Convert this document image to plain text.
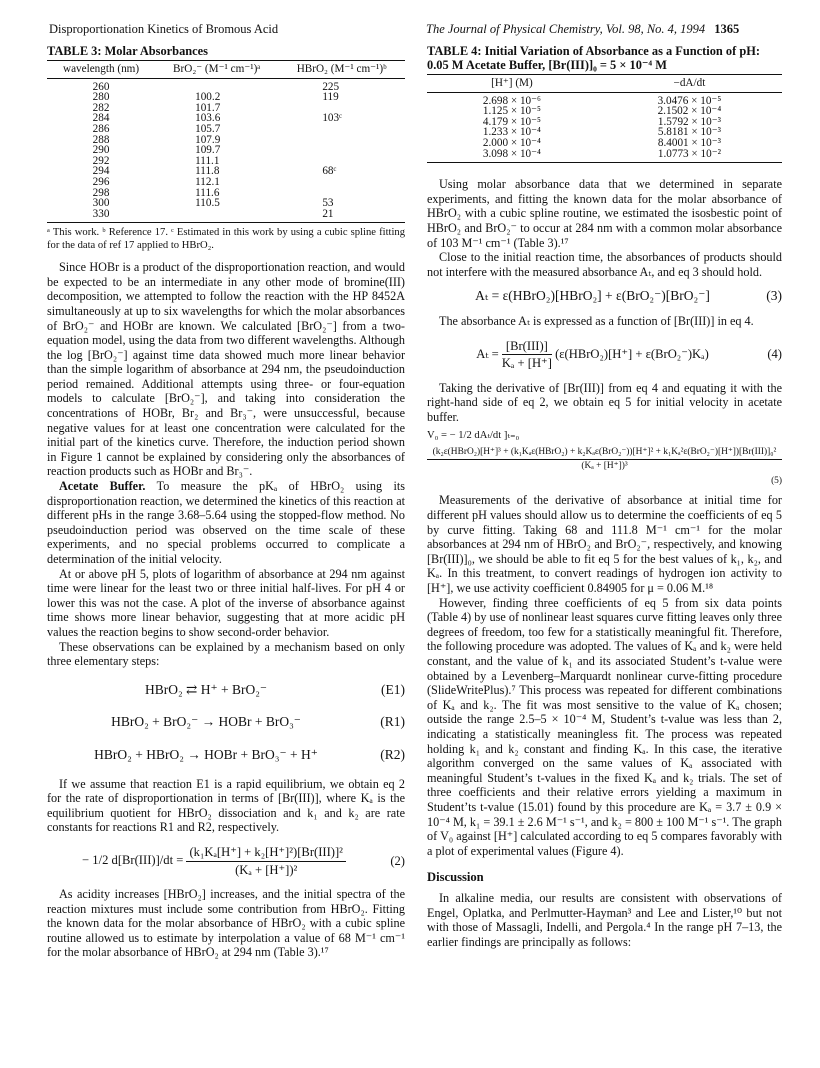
Disproportionation Kinetics of Bromous Acid	The Journal of Physical Chemistry, Vol. 98, No. 4, 1994 1365
TABLE 3: Molar Absorbances
wavelength (nm)	BrO₂⁻ (M⁻¹ cm⁻¹)ᵃ	HBrO₂ (M⁻¹ cm⁻¹)ᵇ
260		225
280	100.2	119
282	101.7	
284	103.6	103ᶜ
286	105.7	
288	107.9	
290	109.7	
292	111.1	
294	111.8	68ᶜ
296	112.1	
298	111.6	
300	110.5	53
330		21
ᵃ This work. ᵇ Reference 17. ᶜ Estimated in this work by using a cubic spline fitting for the data of ref 17 applied to HBrO₂.

Since HOBr is a product of the disproportionation reaction, and would be expected to be an intermediate in any other mode of bromine(III) decomposition, we attempted to follow the reaction with the HP 8452A simultaneously at up to six wavelengths for which the molar absorbances of BrO₂⁻ and HOBr are known. We calculated [BrO₂⁻] from a two-equation model, using the data from two different wavelengths. Although the log [BrO₂⁻] against time data showed much more linear behavior than the simple logarithm of absorbance at 294 nm, the pseudoinduction period remained. Additional attempts using three- or four-equation models to calculate [BrO₂⁻], and taking into consideration the concentrations of HOBr, Br₂ and Br₃⁻, were unsuccessful, because negative values for at least one concentration were calculated for the initial part of the kinetics curve. Therefore, the induction period shown in Figure 1 cannot be explained by considering only the absorbances of reaction products such as HOBr and Br₃⁻.

Acetate Buffer. To measure the pKₐ of HBrO₂ using its disproportionation reaction, we determined the kinetics of this reaction at different pHs in the range 3.68–5.64 using the stopped-flow method. No pseudoinduction period was observed on the time scale of these experiments, and no special problems occurred to complicate a determination of the initial velocity.

At or above pH 5, plots of logarithm of absorbance at 294 nm against time were linear for the least two or three initial half-lives. For pH 4 or lower this was not the case. A plot of the inverse of absorbance against time shows more linear behavior, suggesting that at more acidic pH values the reaction begins to show second-order behavior.

These observations can be explained by a mechanism based on only three elementary steps:

HBrO₂ ⇄ H⁺ + BrO₂⁻	(E1)
HBrO₂ + BrO₂⁻ → HOBr + BrO₃⁻	(R1)
HBrO₂ + HBrO₂ → HOBr + BrO₃⁻ + H⁺	(R2)

If we assume that reaction E1 is a rapid equilibrium, we obtain eq 2 for the rate of disproportionation in terms of [Br(III)], where Kₐ is the equilibrium quotient for HBrO₂ dissociation and k₁ and k₂ are rate constants for reactions R1 and R2, respectively.

− 1/2 $d[Br(III)]/dt = \frac{\text{(k₁Kₐ[H⁺] + k₂[H⁺]²)[Br(III)]²}}{\text{(Kₐ + [H⁺])²}}$	(2)

As acidity increases [HBrO₂] increases, and the initial spectra of the reaction mixtures must include some contribution from HBrO₂. Fitting the known data for the molar absorbance of HBrO₂ with a cubic spline routine allowed us to estimate by interpolation a value of 68 M⁻¹ cm⁻¹ for the molar absorbance of HBrO₂ at 294 nm (Table 3).¹⁷

TABLE 4: Initial Variation of Absorbance as a Function of pH: 0.05 M Acetate Buffer, [Br(III)]₀ = 5 × 10⁻⁴ M
[H⁺] (M)	−dA/dt
2.698 × 10⁻⁶	3.0476 × 10⁻⁵
1.125 × 10⁻⁵	2.1502 × 10⁻⁴
4.179 × 10⁻⁵	1.5792 × 10⁻³
1.233 × 10⁻⁴	5.8181 × 10⁻³
2.000 × 10⁻⁴	8.4001 × 10⁻³
3.098 × 10⁻⁴	1.0773 × 10⁻²

Using molar absorbance data that we determined in separate experiments, and fitting the known data for the molar absorbance of HBrO₂ with a cubic spline routine, we estimated the isosbestic point of HBrO₂ and BrO₂⁻ to occur at 284 nm with a common molar absorbance of 103 M⁻¹ cm⁻¹ (Table 3).¹⁷

Close to the initial reaction time, the absorbances of products should not interfere with the measured absorbance Aₜ, and eq 3 should hold.

Aₜ = ε(HBrO₂)[HBrO₂] + ε(BrO₂⁻)[BrO₂⁻]	(3)

The absorbance Aₜ is expressed as a function of [Br(III)] in eq 4.

$A_t = \frac{\text{[Br(III)]}}{\text{Kₐ + [H⁺]}}$ (ε(HBrO₂)[H⁺] + ε(BrO₂⁻)Kₐ)	(4)

Taking the derivative of [Br(III)] from eq 4 and equating it with the right-hand side of eq 2, we obtain eq 5 for initial velocity in acetate buffer.

V₀ = − 1/2 dAₜ/dt ]ₜ₌₀
(k₂ε(HBrO₂)[H⁺]³ + (k₁Kₐε(HBrO₂) + k₂Kₐε(BrO₂⁻))[H⁺]² + k₁Kₐ²ε(BrO₂⁻)[H⁺])[Br(III)]₀²
(Kₐ + [H⁺])³
(5)

Measurements of the derivative of absorbance at initial time for different pH values should allow us to determine the coefficients of eq 5 by curve fitting. Taking 68 and 111.8 M⁻¹ cm⁻¹ for the molar absorbances at 294 nm of HBrO₂ and BrO₂⁻, respectively, and knowing [Br(III)]₀, we should be able to fit eq 5 for the best values of k₁, k₂, and Kₐ. In this treatment, to convert readings of hydrogen ion activity to [H⁺], we use activity coefficient 0.84905 for μ = 0.06 M.¹⁸

However, finding three coefficients of eq 5 from six data points (Table 4) by use of nonlinear least squares curve fitting leaves only three degrees of freedom, too few for a statistically meaningful fit. Therefore, the following procedure was adopted. The values of Kₐ and k₂ were held constant, and the value of k₁ and its associated Student’s t-value were obtained by a Levenberg–Marquardt nonlinear curve-fitting procedure (SlideWritePlus).⁷ This process was repeated for different combinations of Kₐ and k₂. The fit was most sensitive to the value of Kₐ chosen; outside the range 2.5–5 × 10⁻⁴ M, Student’s t-value was less than 2, indicating a statistically meaningless fit. The process was repeated holding k₁ and k₂ constant and finding Kₐ. In this case, the iterative algorithm converged on the same values of Kₐ associated with meaningful Student’s t-values in the fixed Kₐ and k₂ trials. The set of three coefficients and their relative errors yielding a maximum in Student’ts t-value (15.01) found by this procedure are Kₐ = 3.7 ± 0.9 × 10⁻⁴ M, k₁ = 39.1 ± 2.6 M⁻¹ s⁻¹, and k₂ = 800 ± 100 M⁻¹ s⁻¹. The graph of V₀ against [H⁺] calculated according to eq 5 compares favorably with a plot of experimental values (Figure 4).

Discussion

In alkaline media, our results are consistent with observations of Engel, Oplatka, and Perlmutter-Hayman³ and Lee and Lister,¹⁰ but not with those of Massagli, Indelli, and Pergola.⁴ In the range pH 7–13, the earlier findings are principally as follows:
